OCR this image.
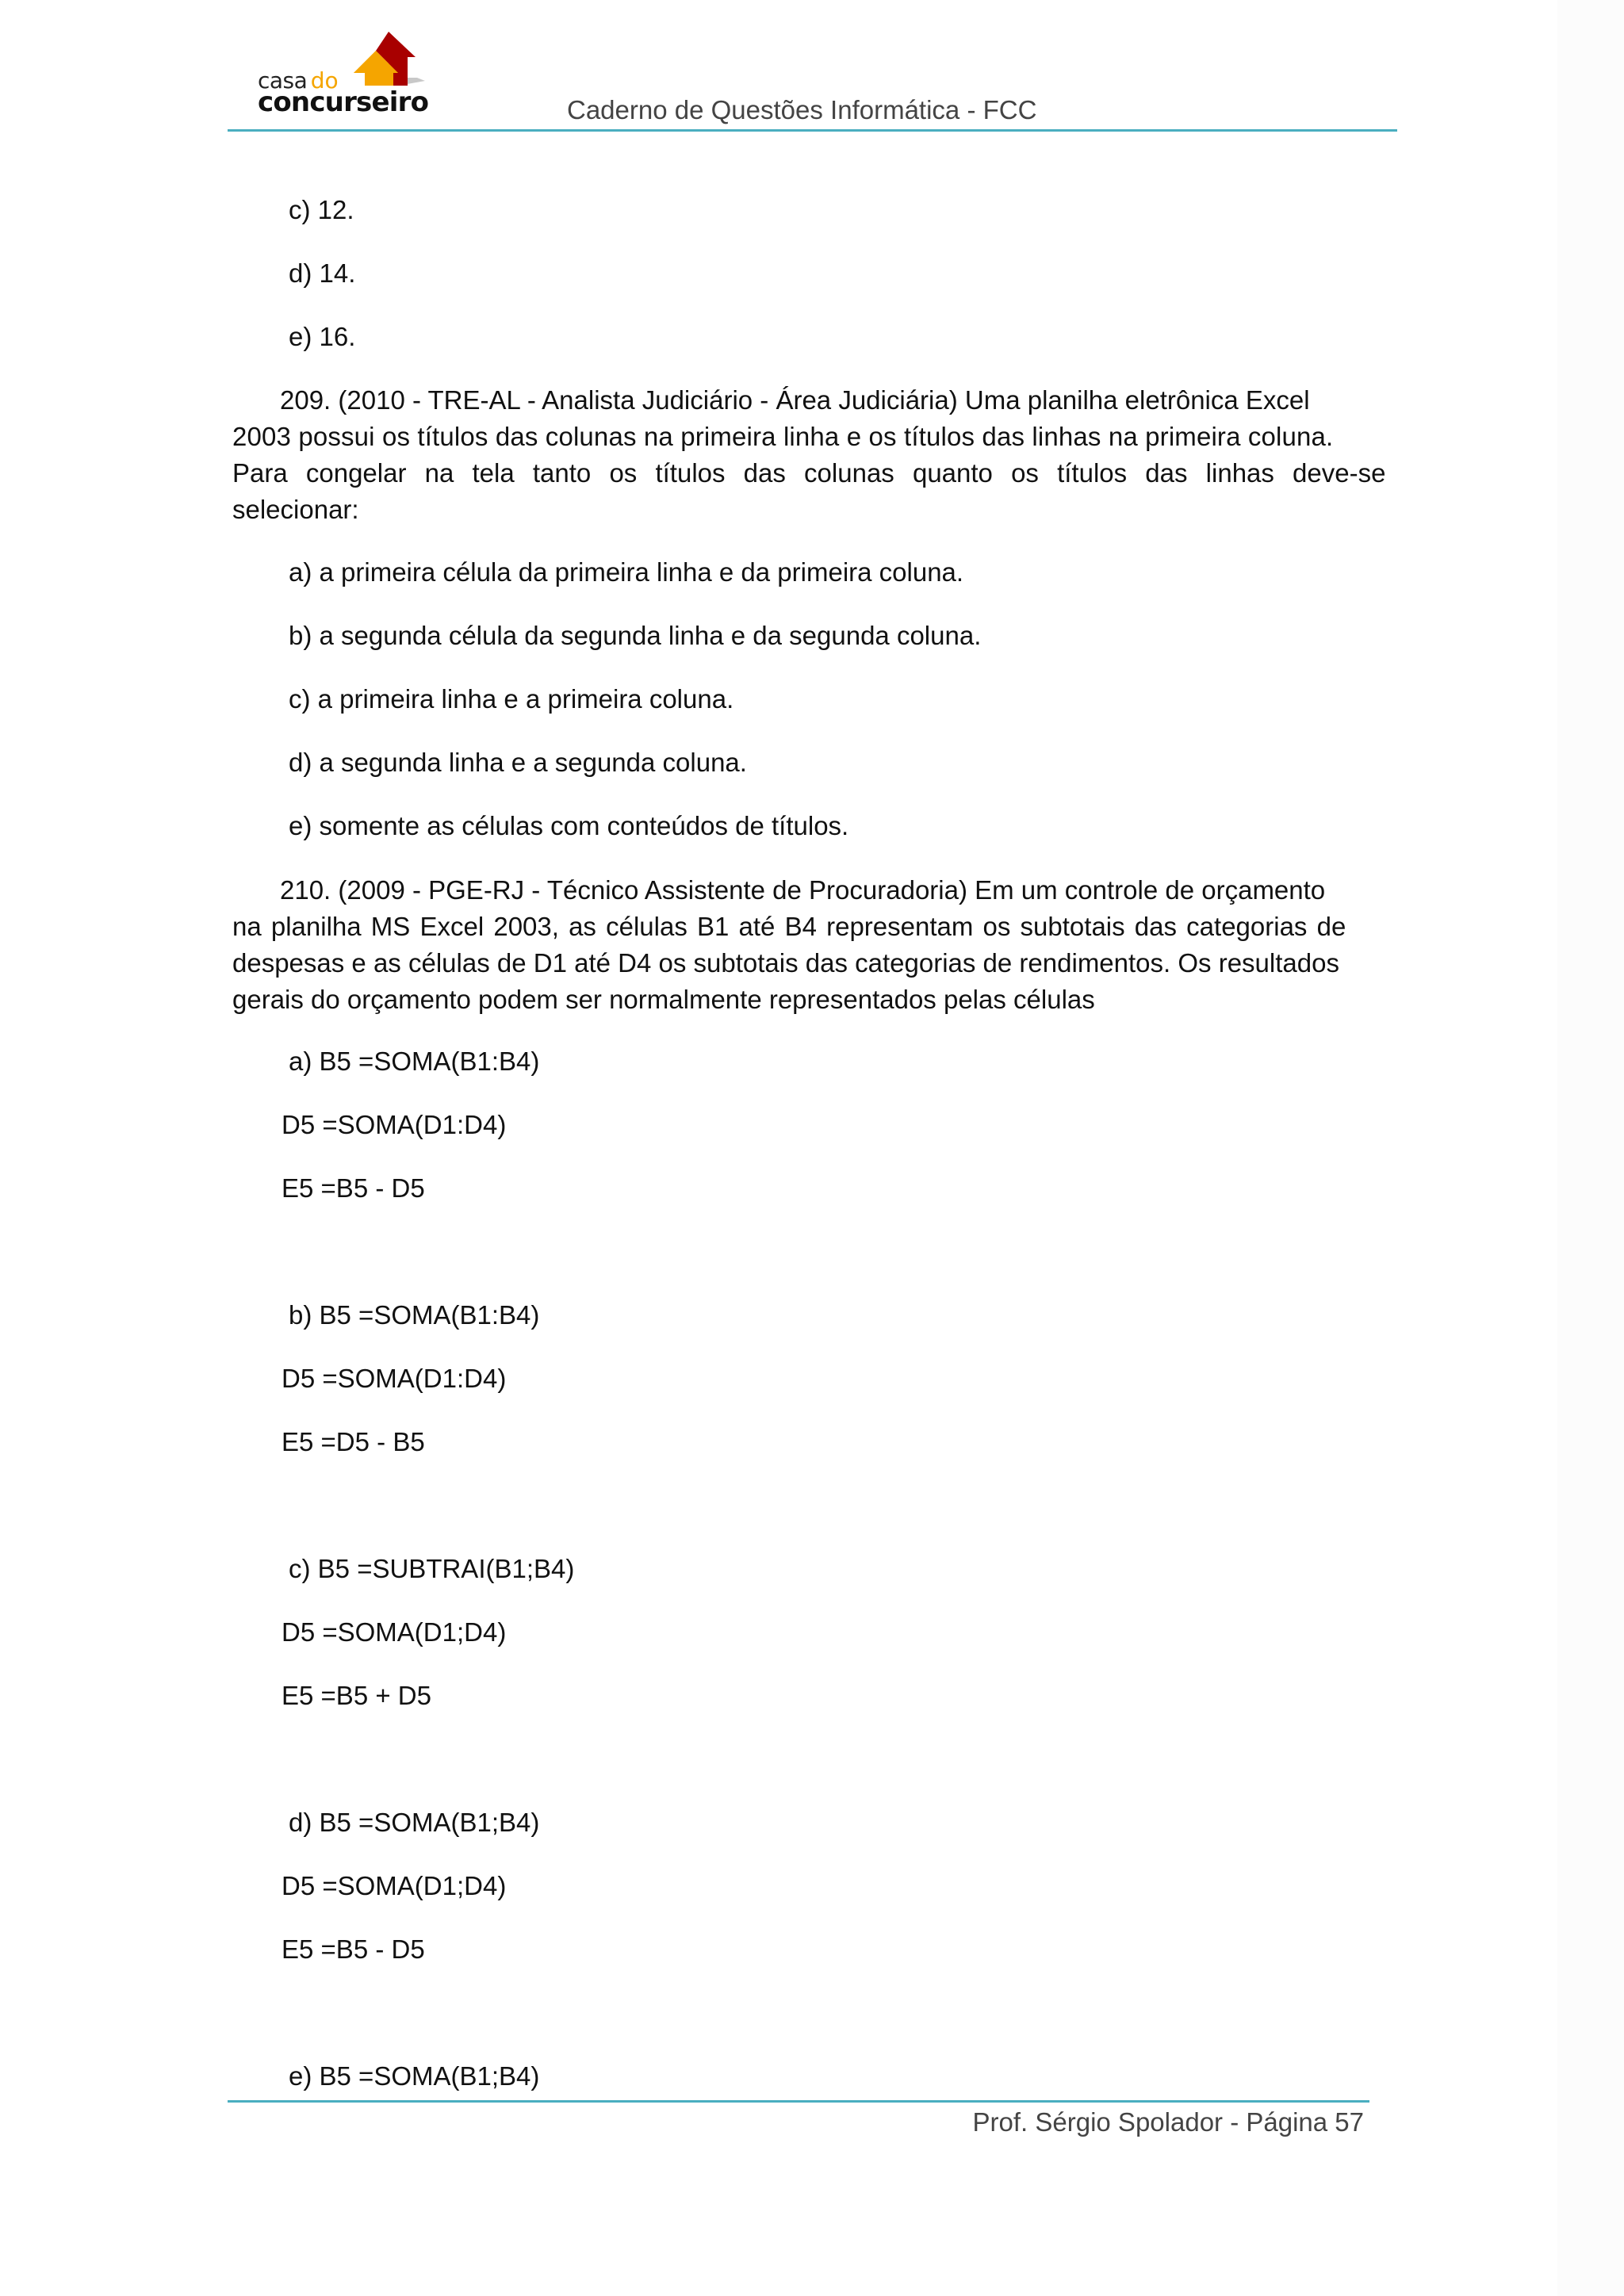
casa do
concurseiro	Caderno de Questões Informática - FCC
c) 12.
d) 14.
e) 16.
209. (2010 - TRE-AL - Analista Judiciário - Área Judiciária) Uma planilha eletrônica Excel
2003 possui os títulos das colunas na primeira linha e os títulos das linhas na primeira coluna.
Para congelar na tela tanto os títulos das colunas quanto os títulos das linhas deve-se
selecionar:
a) a primeira célula da primeira linha e da primeira coluna.
b) a segunda célula da segunda linha e da segunda coluna.
c) a primeira linha e a primeira coluna.
d) a segunda linha e a segunda coluna.
e) somente as células com conteúdos de títulos.
210. (2009 - PGE-RJ - Técnico Assistente de Procuradoria) Em um controle de orçamento
na planilha MS Excel 2003, as células B1 até B4 representam os subtotais das categorias de
despesas e as células de D1 até D4 os subtotais das categorias de rendimentos. Os resultados
gerais do orçamento podem ser normalmente representados pelas células
a) B5 =SOMA(B1:B4)
D5 =SOMA(D1:D4)
E5 =B5 - D5
b) B5 =SOMA(B1:B4)
D5 =SOMA(D1:D4)
E5 =D5 - B5
c) B5 =SUBTRAI(B1;B4)
D5 =SOMA(D1;D4)
E5 =B5 + D5
d) B5 =SOMA(B1;B4)
D5 =SOMA(D1;D4)
E5 =B5 - D5
e) B5 =SOMA(B1;B4)
Prof. Sérgio Spolador - Página 57
